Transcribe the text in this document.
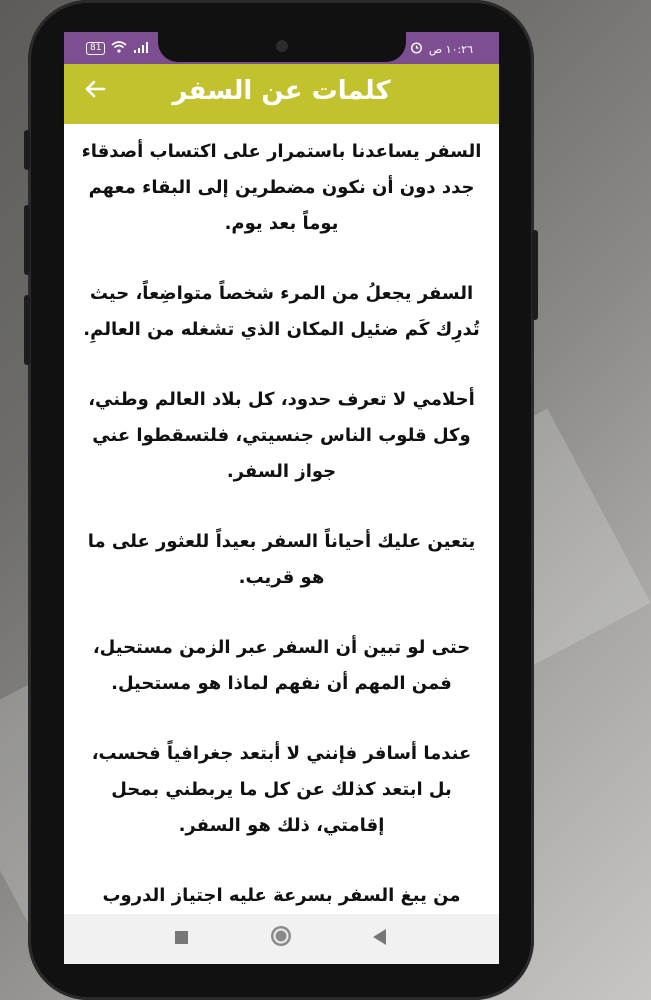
81	١٠:٢٦ ص
كلمات عن السفر

السفر يساعدنا باستمرار على اكتساب أصدقاء جدد دون أن نكون مضطرين إلى البقاء معهم يوماً بعد يوم.

السفر يجعلُ من المرء شخصاً متواضِعاً، حيث تُدرِك كَم ضئيل المكان الذي تشغله من العالمِ.

أحلامي لا تعرف حدود، كل بلاد العالم وطني، وكل قلوب الناس جنسيتي، فلتسقطوا عني جواز السفر.

يتعين عليك أحياناً السفر بعيداً للعثور على ما هو قريب.

حتى لو تبين أن السفر عبر الزمن مستحيل، فمن المهم أن نفهم لماذا هو مستحيل.

عندما أسافر فإنني لا أبتعد جغرافياً فحسب، بل ابتعد كذلك عن كل ما يربطني بمحل إقامتي، ذلك هو السفر.

من يبغ السفر بسرعة عليه اجتياز الدروب
